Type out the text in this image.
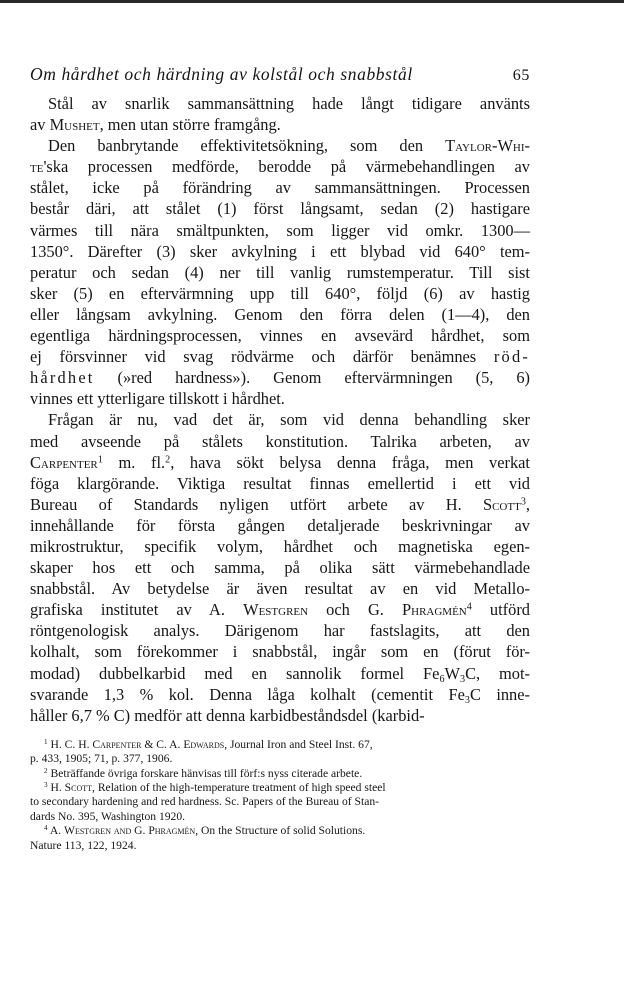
Om hårdhet och härdning av kolstål och snabbstål	65
Stål av snarlik sammansättning hade långt tidigare använts
av Mushet, men utan större framgång.
Den banbrytande effektivitetsökning, som den Taylor-Whi-
te'ska processen medförde, berodde på värmebehandlingen av
stålet, icke på förändring av sammansättningen. Processen
består däri, att stålet (1) först långsamt, sedan (2) hastigare
värmes till nära smältpunkten, som ligger vid omkr. 1300—
1350°. Därefter (3) sker avkylning i ett blybad vid 640° tem-
peratur och sedan (4) ner till vanlig rumstemperatur. Till sist
sker (5) en eftervärmning upp till 640°, följd (6) av hastig
eller långsam avkylning. Genom den förra delen (1—4), den
egentliga härdningsprocessen, vinnes en avsevärd hårdhet, som
ej försvinner vid svag rödvärme och därför benämnes röd-
hårdhet (»red hardness»). Genom eftervärmningen (5, 6)
vinnes ett ytterligare tillskott i hårdhet.
Frågan är nu, vad det är, som vid denna behandling sker
med avseende på stålets konstitution. Talrika arbeten, av
Carpenter$^1$ m. fl.$^2$, hava sökt belysa denna fråga, men verkat
föga klargörande. Viktiga resultat finnas emellertid i ett vid
Bureau of Standards nyligen utfört arbete av H. Scott$^3$,
innehållande för första gången detaljerade beskrivningar av
mikrostruktur, specifik volym, hårdhet och magnetiska egen-
skaper hos ett och samma, på olika sätt värmebehandlade
snabbstål. Av betydelse är även resultat av en vid Metallo-
grafiska institutet av A. Westgren och G. Phragmén$^4$ utförd
röntgenologisk analys. Därigenom har fastslagits, att den
kolhalt, som förekommer i snabbstål, ingår som en (förut för-
modad) dubbelkarbid med en sannolik formel $Fe_6W_3C$, mot-
svarande 1,3 % kol. Denna låga kolhalt (cementit $Fe_3C$ inne-
håller 6,7 % C) medför att denna karbidbeståndsdel (karbid-
$^1$ H. C. H. Carpenter & C. A. Edwards, Journal Iron and Steel Inst. 67,
p. 433, 1905; 71, p. 377, 1906.
$^2$ Beträffande övriga forskare hänvisas till förf:s nyss citerade arbete.
$^3$ H. Scott, Relation of the high-temperature treatment of high speed steel
to secondary hardening and red hardness. Sc. Papers of the Bureau of Stan-
dards No. 395, Washington 1920.
$^4$ A. Westgren and G. Phragmén, On the Structure of solid Solutions.
Nature 113, 122, 1924.
